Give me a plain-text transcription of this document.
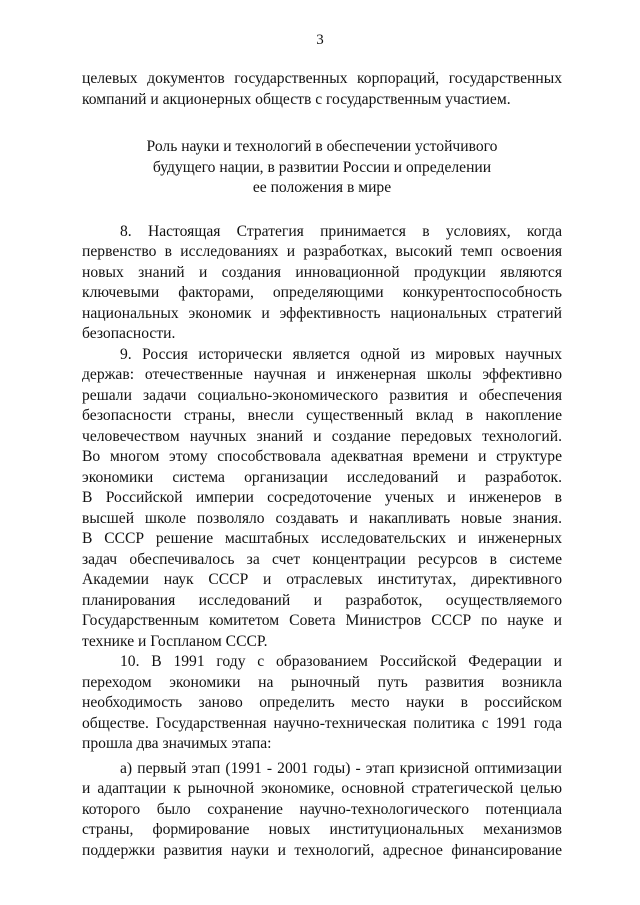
3
целевых документов государственных корпораций, государственных
компаний и акционерных обществ с государственным участием.
Роль науки и технологий в обеспечении устойчивого
будущего нации, в развитии России и определении
ее положения в мире
8. Настоящая Стратегия принимается в условиях, когда
первенство в исследованиях и разработках, высокий темп освоения
новых знаний и создания инновационной продукции являются
ключевыми факторами, определяющими конкурентоспособность
национальных экономик и эффективность национальных стратегий
безопасности.
9. Россия исторически является одной из мировых научных
держав: отечественные научная и инженерная школы эффективно
решали задачи социально-экономического развития и обеспечения
безопасности страны, внесли существенный вклад в накопление
человечеством научных знаний и создание передовых технологий.
Во многом этому способствовала адекватная времени и структуре
экономики система организации исследований и разработок.
В Российской империи сосредоточение ученых и инженеров в
высшей школе позволяло создавать и накапливать новые знания.
В СССР решение масштабных исследовательских и инженерных
задач обеспечивалось за счет концентрации ресурсов в системе
Академии наук СССР и отраслевых институтах, директивного
планирования исследований и разработок, осуществляемого
Государственным комитетом Совета Министров СССР по науке и
технике и Госпланом СССР.
10. В 1991 году с образованием Российской Федерации и
переходом экономики на рыночный путь развития возникла
необходимость заново определить место науки в российском
обществе. Государственная научно-техническая политика с 1991 года
прошла два значимых этапа:
а) первый этап (1991 - 2001 годы) - этап кризисной оптимизации
и адаптации к рыночной экономике, основной стратегической целью
которого было сохранение научно-технологического потенциала
страны, формирование новых институциональных механизмов
поддержки развития науки и технологий, адресное финансирование
